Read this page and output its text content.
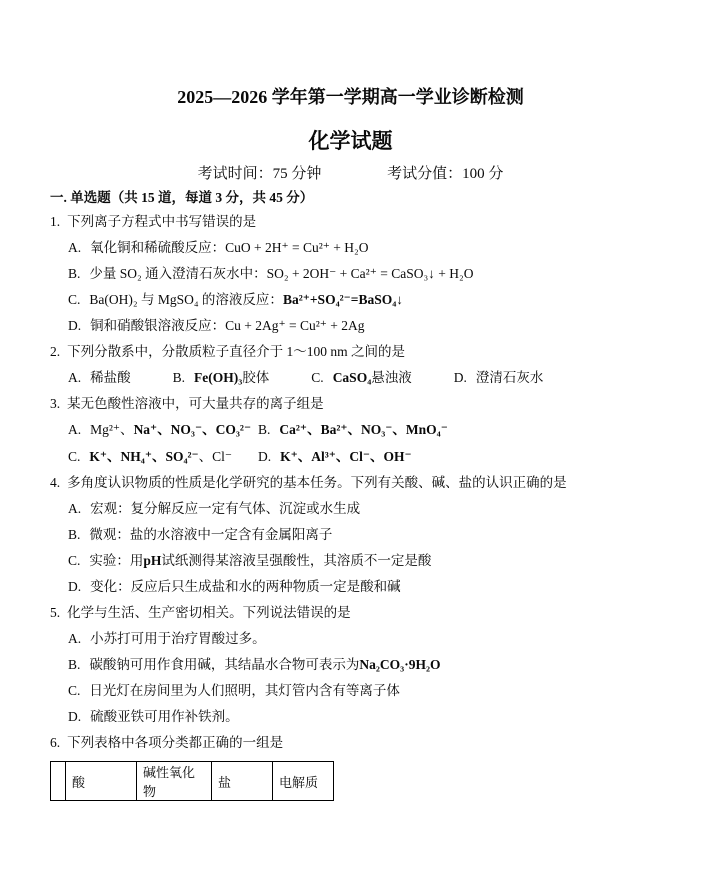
2025—2026 学年第一学期高一学业诊断检测
化学试题
考试时间：75 分钟	考试分值：100 分
一. 单选题（共 15 道，每道 3 分，共 45 分）
1. 下列离子方程式中书写错误的是
A. 氧化铜和稀硫酸反应：CuO + 2H⁺ = Cu²⁺ + H₂O
B. 少量 SO₂ 通入澄清石灰水中：SO₂ + 2OH⁻ + Ca²⁺ = CaSO₃↓ + H₂O
C. Ba(OH)₂ 与 MgSO₄ 的溶液反应：Ba²⁺+SO₄²⁻=BaSO₄↓
D. 铜和硝酸银溶液反应：Cu + 2Ag⁺ = Cu²⁺ + 2Ag
2. 下列分散系中，分散质粒子直径介于 1～100 nm 之间的是
A. 稀盐酸	B. Fe(OH)₃胶体	C. CaSO₄悬浊液	D. 澄清石灰水
3. 某无色酸性溶液中，可大量共存的离子组是
A. Mg²⁺、Na⁺、NO₃⁻、CO₃²⁻ B. Ca²⁺、Ba²⁺、NO₃⁻、MnO₄⁻
C. K⁺、NH₄⁺、SO₄²⁻、Cl⁻	D. K⁺、Al³⁺、Cl⁻、OH⁻
4. 多角度认识物质的性质是化学研究的基本任务。下列有关酸、碱、盐的认识正确的是
A. 宏观：复分解反应一定有气体、沉淀或水生成
B. 微观：盐的水溶液中一定含有金属阳离子
C. 实验：用pH试纸测得某溶液呈强酸性，其溶质不一定是酸
D. 变化：反应后只生成盐和水的两种物质一定是酸和碱
5. 化学与生活、生产密切相关。下列说法错误的是
A. 小苏打可用于治疗胃酸过多。
B. 碳酸钠可用作食用碱，其结晶水合物可表示为Na₂CO₃·9H₂O
C. 日光灯在房间里为人们照明，其灯管内含有等离子体
D. 硫酸亚铁可用作补铁剂。
6. 下列表格中各项分类都正确的一组是
	酸	碱性氧化物	盐	电解质
